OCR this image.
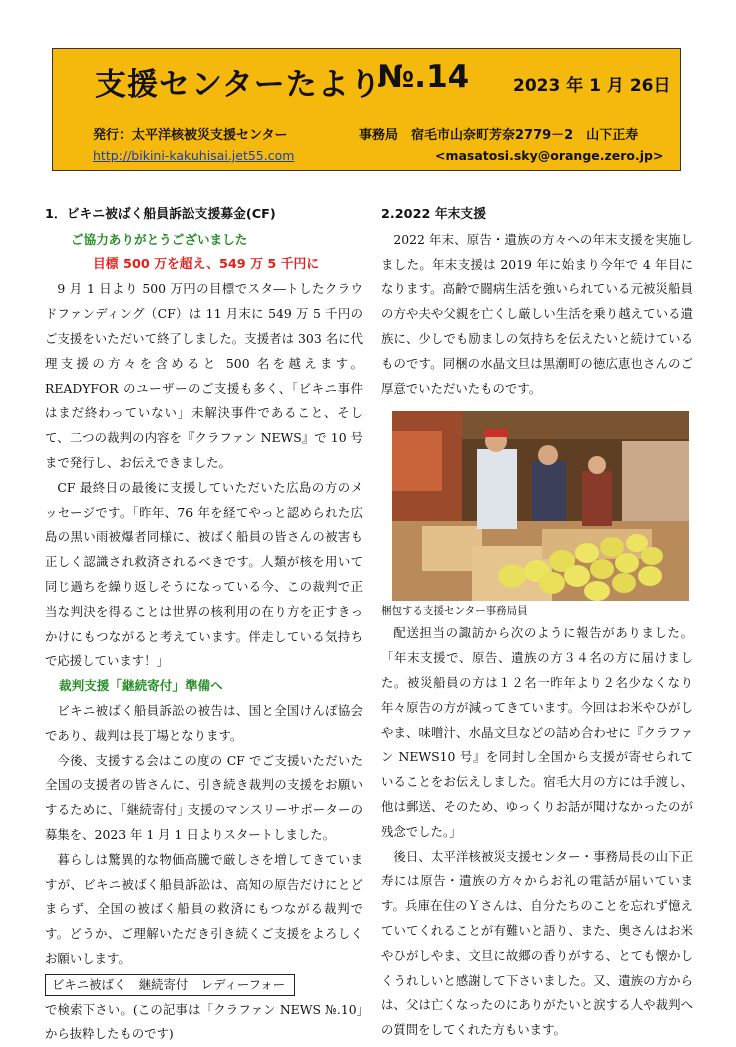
支援センターたより
№.14	2023 年 1 月 26日
発行：太平洋核被災支援センター	事務局　宿毛市山奈町芳奈2779－2　山下正寿
http://bikini-kakuhisai.jet55.com	<masatosi.sky@orange.zero.jp>

1．ビキニ被ばく船員訴訟支援募金(CF)

ご協力ありがとうございました

目標 500 万を超え、549 万 5 千円に

9 月 1 日より 500 万円の目標でスタ―トしたクラウドファンディング（CF）は 11 月末に 549 万 5 千円のご支援をいただいて終了しました。支援者は 303 名に代理支援の方々を含めると 500 名を越えます。READYFOR のユーザーのご支援も多く、「ビキニ事件はまだ終わっていない」未解決事件であること、そして、二つの裁判の内容を『クラファン NEWS』で 10 号まで発行し、お伝えできました。

CF 最終日の最後に支援していただいた広島の方のメッセージです。「昨年、76 年を経てやっと認められた広島の黒い雨被爆者同様に、被ばく船員の皆さんの被害も正しく認識され救済されるべきです。人類が核を用いて同じ過ちを繰り返しそうになっている今、この裁判で正当な判決を得ることは世界の核利用の在り方を正すきっかけにもつながると考えています。伴走している気持ちで応援しています！」

裁判支援「継続寄付」準備へ

ビキニ被ばく船員訴訟の被告は、国と全国けんぽ協会であり、裁判は長丁場となります。

今後、支援する会はこの度の CF でご支援いただいた全国の支援者の皆さんに、引き続き裁判の支援をお願いするために、｢継続寄付｣ 支援のマンスリーサポーターの募集を、2023 年 1 月 1 日よりスタートしました。

暮らしは驚異的な物価高騰で厳しさを増してきていますが、ビキニ被ばく船員訴訟は、高知の原告だけにとどまらず、全国の被ばく船員の救済にもつながる裁判です。どうか、ご理解いただき引き続くご支援をよろしくお願いします。

ビキニ被ばく　継続寄付　レディーフォー

で検索下さい。(この記事は「クラファン NEWS №.10」から抜粋したものです)

2.2022 年末支援

2022 年末、原告・遺族の方々への年末支援を実施しました。年末支援は 2019 年に始まり今年で 4 年目になります。高齢で闘病生活を強いられている元被災船員の方や夫や父親を亡くし厳しい生活を乗り越えている遺族に、少しでも励ましの気持ちを伝えたいと続けているものです。同梱の水晶文旦は黒潮町の徳広恵也さんのご厚意でいただいたものです。

梱包する支援センター事務局員

配送担当の諏訪から次のように報告がありました。「年末支援で、原告、遺族の方３４名の方に届けました。被災船員の方は１２名一昨年より２名少なくなり年々原告の方が減ってきています。今回はお米やひがしやま、味噌汁、水晶文旦などの詰め合わせに『クラファン NEWS10 号』を同封し全国から支援が寄せられていることをお伝えしました。宿毛大月の方には手渡し、他は郵送、そのため、ゆっくりお話が聞けなかったのが残念でした。」

後日、太平洋核被災支援センター・事務局長の山下正寿には原告・遺族の方々からお礼の電話が届いています。兵庫在住のＹさんは、自分たちのことを忘れず憶えていてくれることが有難いと語り、また、奥さんはお米やひがしやま、文旦に故郷の香りがする、とても懐かしくうれしいと感謝して下さいました。又、遺族の方からは、父は亡くなったのにありがたいと涙する人や裁判への質問をしてくれた方もいます。
